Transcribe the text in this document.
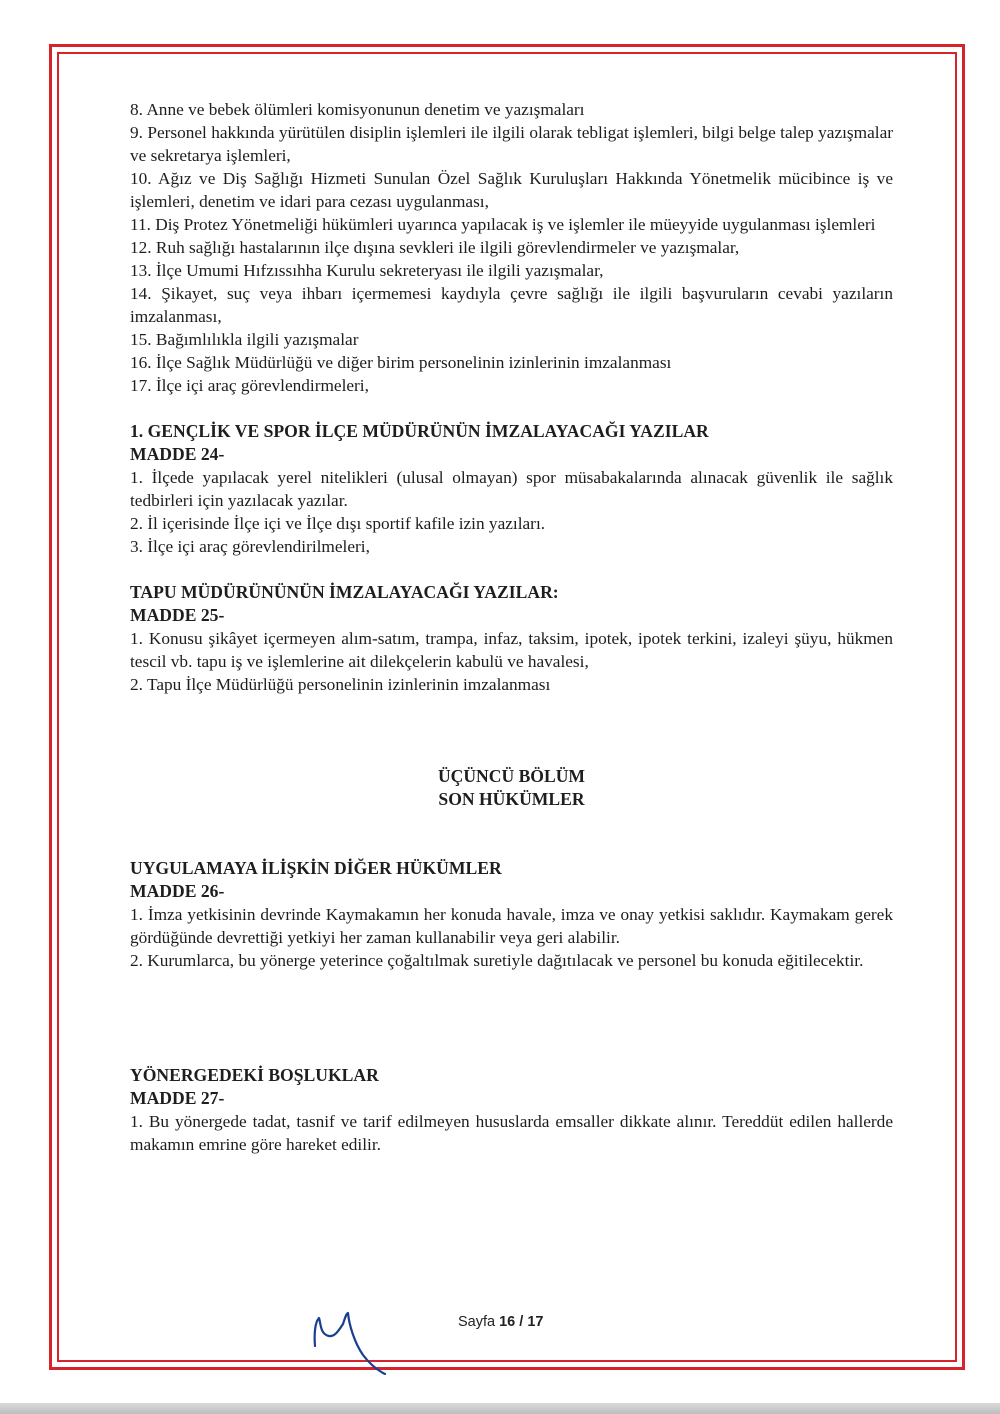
8. Anne ve bebek ölümleri komisyonunun denetim ve yazışmaları

9. Personel hakkında yürütülen disiplin işlemleri ile ilgili olarak tebligat işlemleri, bilgi belge talep yazışmalar ve sekretarya işlemleri,

10. Ağız ve Diş Sağlığı Hizmeti Sunulan Özel Sağlık Kuruluşları Hakkında Yönetmelik mücibince iş ve işlemleri, denetim ve idari para cezası uygulanması,

11. Diş Protez Yönetmeliği hükümleri uyarınca yapılacak iş ve işlemler ile müeyyide uygulanması işlemleri

12. Ruh sağlığı hastalarının ilçe dışına sevkleri ile ilgili görevlendirmeler ve yazışmalar,

13. İlçe Umumi Hıfzıssıhha Kurulu sekreteryası ile ilgili yazışmalar,

14. Şikayet, suç veya ihbarı içermemesi kaydıyla çevre sağlığı ile ilgili başvuruların cevabi yazıların imzalanması,

15. Bağımlılıkla ilgili yazışmalar

16. İlçe Sağlık Müdürlüğü ve diğer birim personelinin izinlerinin imzalanması

17. İlçe içi araç görevlendirmeleri,

1. GENÇLİK VE SPOR İLÇE MÜDÜRÜNÜN İMZALAYACAĞI YAZILAR

MADDE 24-

1. İlçede yapılacak yerel nitelikleri (ulusal olmayan) spor müsabakalarında alınacak güvenlik ile sağlık tedbirleri için yazılacak yazılar.

2. İl içerisinde İlçe içi ve İlçe dışı sportif kafile izin yazıları.

3. İlçe içi araç görevlendirilmeleri,

TAPU MÜDÜRÜNÜNÜN İMZALAYACAĞI YAZILAR:

MADDE 25-

1. Konusu şikâyet içermeyen alım-satım, trampa, infaz, taksim, ipotek, ipotek terkini, izaleyi şüyu, hükmen tescil vb. tapu iş ve işlemlerine ait dilekçelerin kabulü ve havalesi,

2. Tapu İlçe Müdürlüğü personelinin izinlerinin imzalanması

ÜÇÜNCÜ BÖLÜM

SON HÜKÜMLER

UYGULAMAYA İLİŞKİN DİĞER HÜKÜMLER

MADDE 26-

1. İmza yetkisinin devrinde Kaymakamın her konuda havale, imza ve onay yetkisi saklıdır. Kaymakam gerek gördüğünde devrettiği yetkiyi her zaman kullanabilir veya geri alabilir.

2. Kurumlarca, bu yönerge yeterince çoğaltılmak suretiyle dağıtılacak ve personel bu konuda eğitilecektir.

YÖNERGEDEKİ BOŞLUKLAR

MADDE 27-

1. Bu yönergede tadat, tasnif ve tarif edilmeyen hususlarda emsaller dikkate alınır. Tereddüt edilen hallerde makamın emrine göre hareket edilir.

Sayfa 16 / 17
